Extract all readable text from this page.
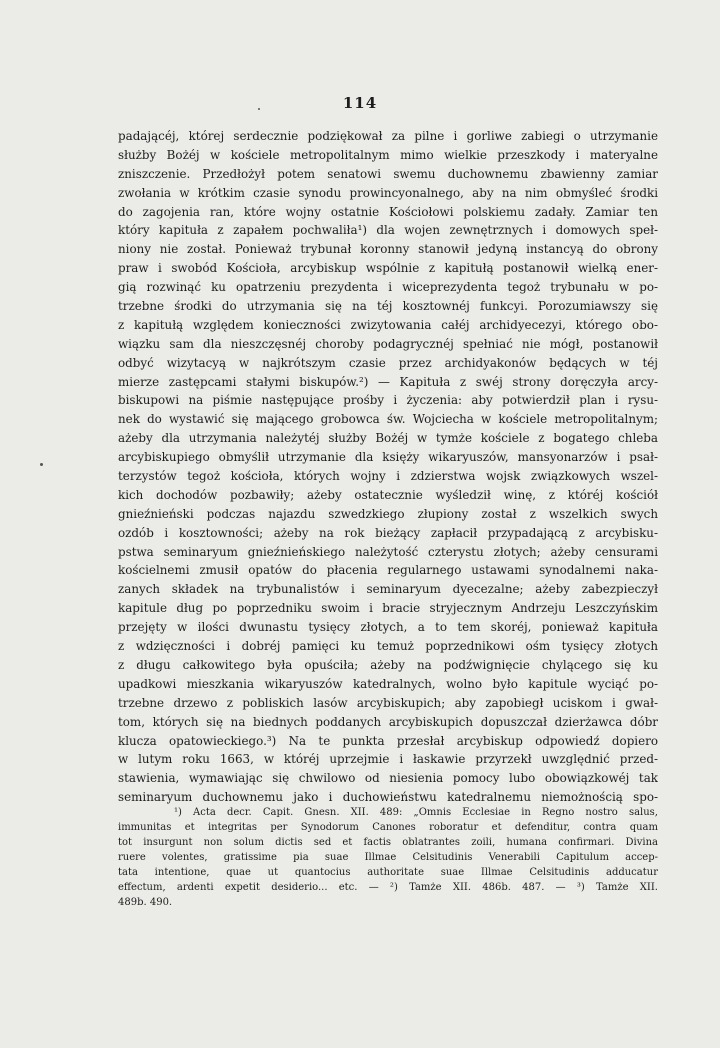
114
padającéj, której serdecznie podziękował za pilne i gorliwe zabiegi o utrzymanie
służby Bożéj w kościele metropolitalnym mimo wielkie przeszkody i materyalne
zniszczenie. Przedłożył potem senatowi swemu duchownemu zbawienny zamiar
zwołania w krótkim czasie synodu prowincyonalnego, aby na nim obmyśleć środki
do zagojenia ran, które wojny ostatnie Kościołowi polskiemu zadały. Zamiar ten
który kapituła z zapałem pochwaliła¹) dla wojen zewnętrznych i domowych speł-
niony nie został. Ponieważ trybunał koronny stanowił jedyną instancyą do obrony
praw i swobód Kościoła, arcybiskup wspólnie z kapitułą postanowił wielką ener-
gią rozwinąć ku opatrzeniu prezydenta i wiceprezydenta tegoż trybunału w po-
trzebne środki do utrzymania się na téj kosztownéj funkcyi. Porozumiawszy się
z kapitułą względem konieczności zwizytowania całéj archidyecezyi, którego obo-
wiązku sam dla nieszczęsnéj choroby podagrycznéj spełniać nie mógł, postanowił
odbyć wizytacyą w najkrótszym czasie przez archidyakonów będących w téj
mierze zastępcami stałymi biskupów.²) — Kapituła z swéj strony doręczyła arcy-
biskupowi na piśmie następujące prośby i życzenia: aby potwierdził plan i rysu-
nek do wystawić się mającego grobowca św. Wojciecha w kościele metropolitalnym;
ażeby dla utrzymania należytéj służby Bożéj w tymże kościele z bogatego chleba
arcybiskupiego obmyślił utrzymanie dla księży wikaryuszów, mansyonarzów i psał-
terzystów tegoż kościoła, których wojny i zdzierstwa wojsk związkowych wszel-
kich dochodów pozbawiły; ażeby ostatecznie wyśledził winę, z któréj kościół
gnieźnieński podczas najazdu szwedzkiego złupiony został z wszelkich swych
ozdób i kosztowności; ażeby na rok bieżący zapłacił przypadającą z arcybisku-
pstwa seminaryum gnieźnieńskiego należytość czterystu złotych; ażeby censurami
kościelnemi zmusił opatów do płacenia regularnego ustawami synodalnemi naka-
zanych składek na trybunalistów i seminaryum dyecezalne; ażeby zabezpieczył
kapitule dług po poprzedniku swoim i bracie stryjecznym Andrzeju Leszczyńskim
przejęty w ilości dwunastu tysięcy złotych, a to tem skoréj, ponieważ kapituła
z wdzięczności i dobréj pamięci ku temuż poprzednikowi ośm tysięcy złotych
z długu całkowitego była opuściła; ażeby na podźwignięcie chylącego się ku
upadkowi mieszkania wikaryuszów katedralnych, wolno było kapitule wyciąć po-
trzebne drzewo z pobliskich lasów arcybiskupich; aby zapobiegł uciskom i gwał-
tom, których się na biednych poddanych arcybiskupich dopuszczał dzierżawca dóbr
klucza opatowieckiego.³) Na te punkta przesłał arcybiskup odpowiedź dopiero
w lutym roku 1663, w któréj uprzejmie i łaskawie przyrzekł uwzględnić przed-
stawienia, wymawiając się chwilowo od niesienia pomocy lubo obowiązkowéj tak
seminaryum duchownemu jako i duchowieństwu katedralnemu niemożnością spo-
¹) Acta decr. Capit. Gnesn. XII. 489: „Omnis Ecclesiae in Regno nostro salus,
immunitas et integritas per Synodorum Canones roboratur et defenditur, contra quam
tot insurgunt non solum dictis sed et factis oblatrantes zoili, humana confirmari. Divina
ruere volentes, gratissime pia suae Illmae Celsitudinis Venerabili Capitulum accep-
tata intentione, quae ut quantocius authoritate suae Illmae Celsitudinis adducatur
effectum, ardenti expetit desiderio... etc. — ²) Tamże XII. 486b. 487. — ³) Tamże XII.
489b. 490.
